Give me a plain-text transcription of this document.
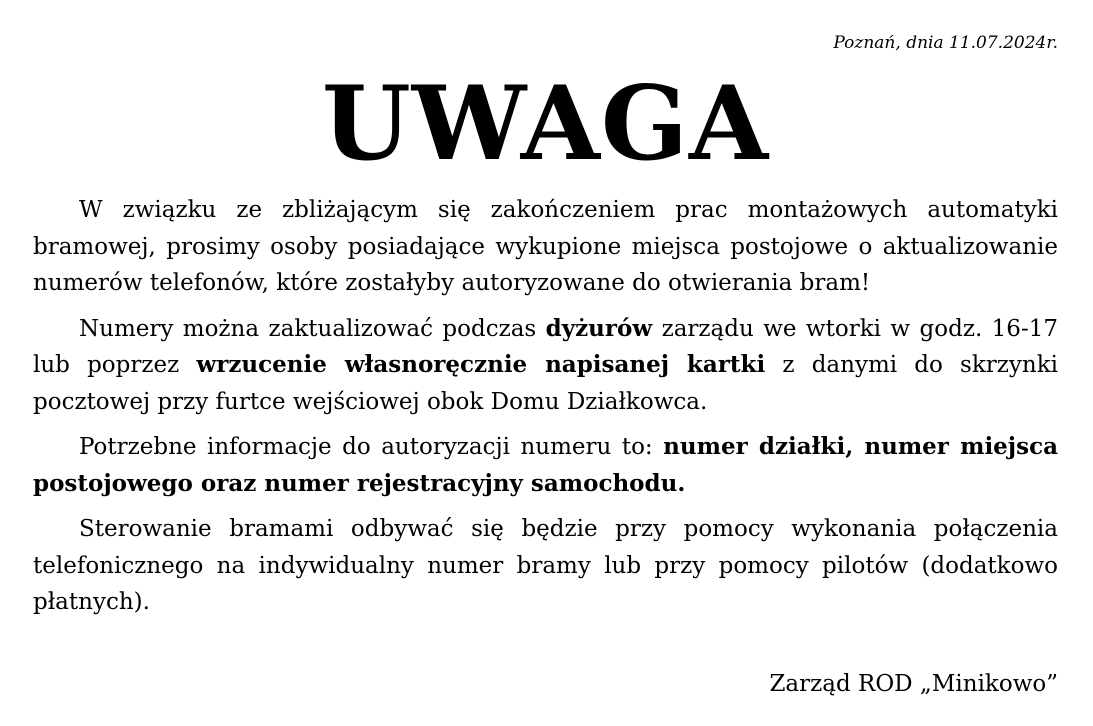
Poznań, dnia 11.07.2024r.
UWAGA

W związku ze zbliżającym się zakończeniem prac montażowych automatyki bramowej, prosimy osoby posiadające wykupione miejsca postojowe o aktualizowanie numerów telefonów, które zostałyby autoryzowane do otwierania bram!

Numery można zaktualizować podczas dyżurów zarządu we wtorki w godz. 16-17 lub poprzez wrzucenie własnoręcznie napisanej kartki z danymi do skrzynki pocztowej przy furtce wejściowej obok Domu Działkowca.

Potrzebne informacje do autoryzacji numeru to: numer działki, numer miejsca postojowego oraz numer rejestracyjny samochodu.

Sterowanie bramami odbywać się będzie przy pomocy wykonania połączenia telefonicznego na indywidualny numer bramy lub przy pomocy pilotów (dodatkowo płatnych).

Zarząd ROD „Minikowo”
